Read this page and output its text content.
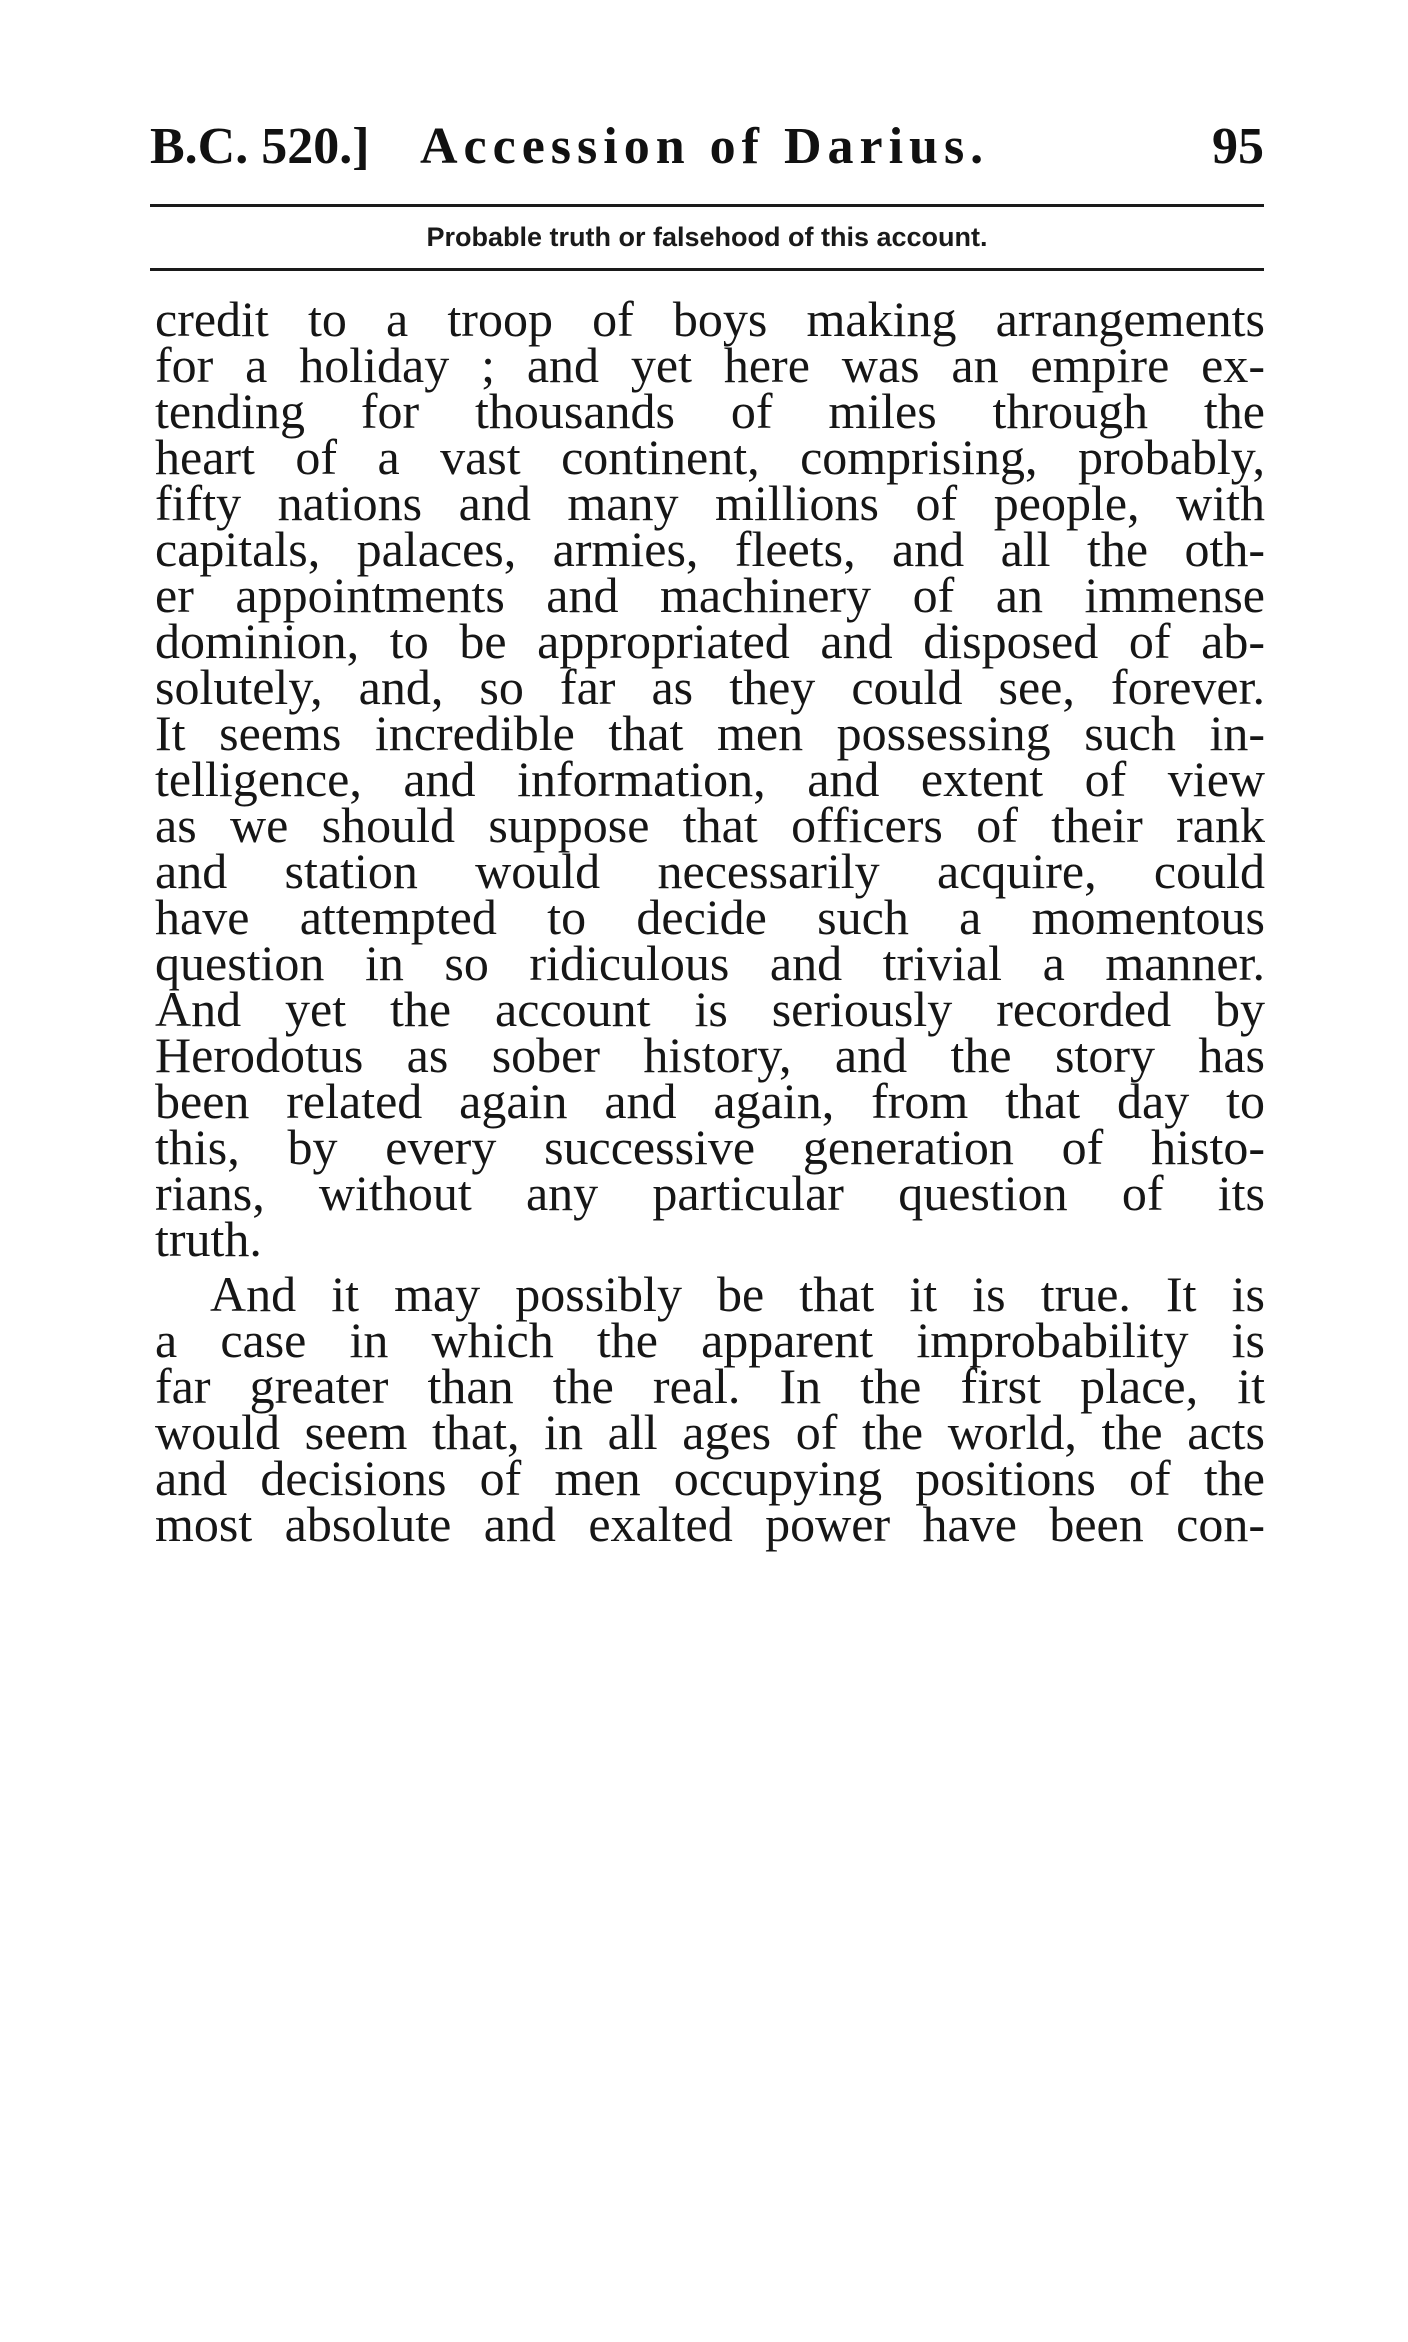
B.C. 520.] Accession of Darius.	95
Probable truth or falsehood of this account.
credit to a troop of boys making arrangements
for a holiday ; and yet here was an empire ex-
tending for thousands of miles through the
heart of a vast continent, comprising, probably,
fifty nations and many millions of people, with
capitals, palaces, armies, fleets, and all the oth-
er appointments and machinery of an immense
dominion, to be appropriated and disposed of ab-
solutely, and, so far as they could see, forever.
It seems incredible that men possessing such in-
telligence, and information, and extent of view
as we should suppose that officers of their rank
and station would necessarily acquire, could
have attempted to decide such a momentous
question in so ridiculous and trivial a manner.
And yet the account is seriously recorded by
Herodotus as sober history, and the story has
been related again and again, from that day to
this, by every successive generation of histo-
rians, without any particular question of its
truth.
And it may possibly be that it is true. It is
a case in which the apparent improbability is
far greater than the real. In the first place, it
would seem that, in all ages of the world, the acts
and decisions of men occupying positions of the
most absolute and exalted power have been con-
